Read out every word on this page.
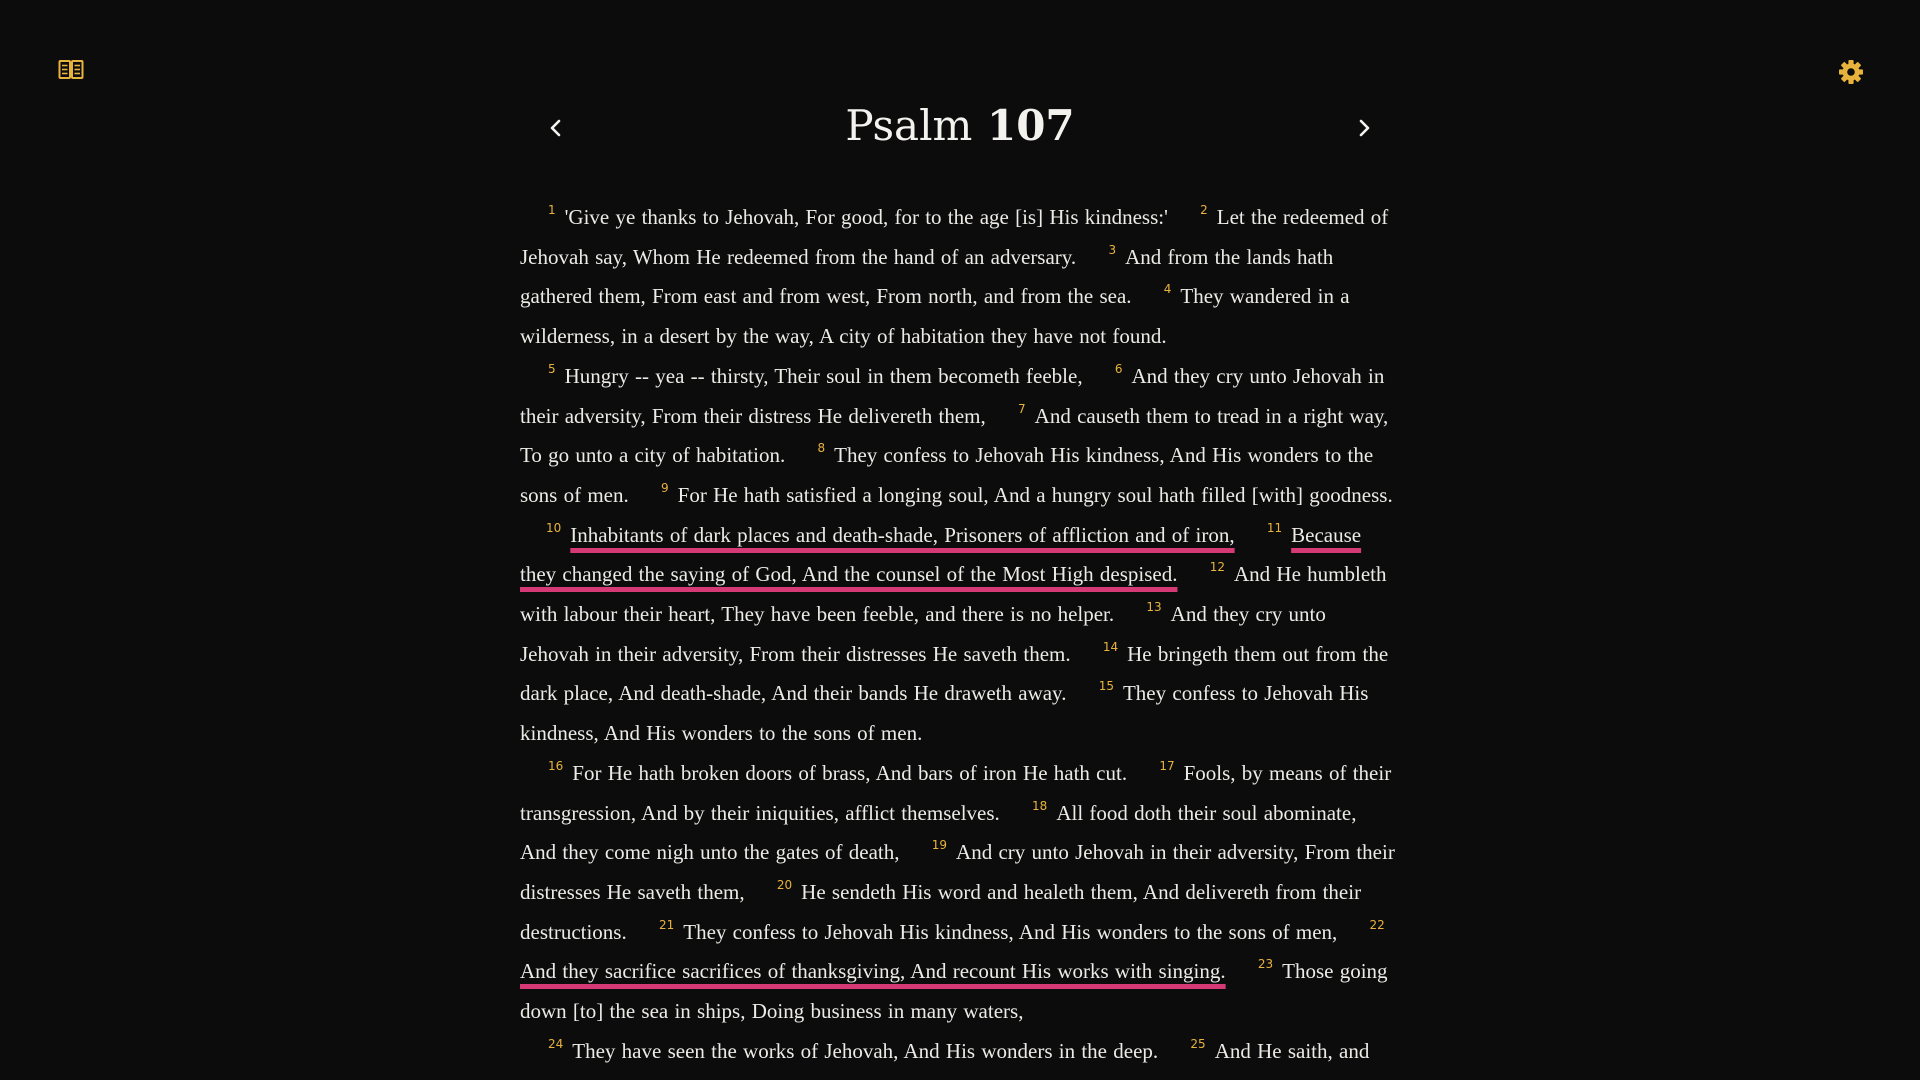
Psalm 107
1 'Give ye thanks to Jehovah, For good, for to the age [is] His kindness:'	2 Let the redeemed of Jehovah say, Whom He redeemed from the hand of an adversary.	3 And from the lands hath gathered them, From east and from west, From north, and from the sea.	4 They wandered in a wilderness, in a desert by the way, A city of habitation they have not found.5 Hungry -- yea -- thirsty, Their soul in them becometh feeble,	6 And they cry unto Jehovah in their adversity, From their distress He delivereth them,	7 And causeth them to tread in a right way, To go unto a city of habitation.	8 They confess to Jehovah His kindness, And His wonders to the sons of men.	9 For He hath satisfied a longing soul, And a hungry soul hath filled [with] goodness. 10 Inhabitants of dark places and death-shade, Prisoners of affliction and of iron,	11 Because they changed the saying of God, And the counsel of the Most High despised.	12 And He humbleth with labour their heart, They have been feeble, and there is no helper.	13 And they cry unto Jehovah in their adversity, From their distresses He saveth them.	14 He bringeth them out from the dark place, And death-shade, And their bands He draweth away.	15 They confess to Jehovah His kindness, And His wonders to the sons of men.16 For He hath broken doors of brass, And bars of iron He hath cut.	17 Fools, by means of their transgression, And by their iniquities, afflict themselves.	18 All food doth their soul abominate, And they come nigh unto the gates of death,	19 And cry unto Jehovah in their adversity, From their distresses He saveth them,	20 He sendeth His word and healeth them, And delivereth from their destructions.	21 They confess to Jehovah His kindness, And His wonders to the sons of men,	22And they sacrifice sacrifices of thanksgiving, And recount His works with singing.	23 Those going down [to] the sea in ships, Doing business in many waters,24 They have seen the works of Jehovah, And His wonders in the deep.	25 And He saith, and
